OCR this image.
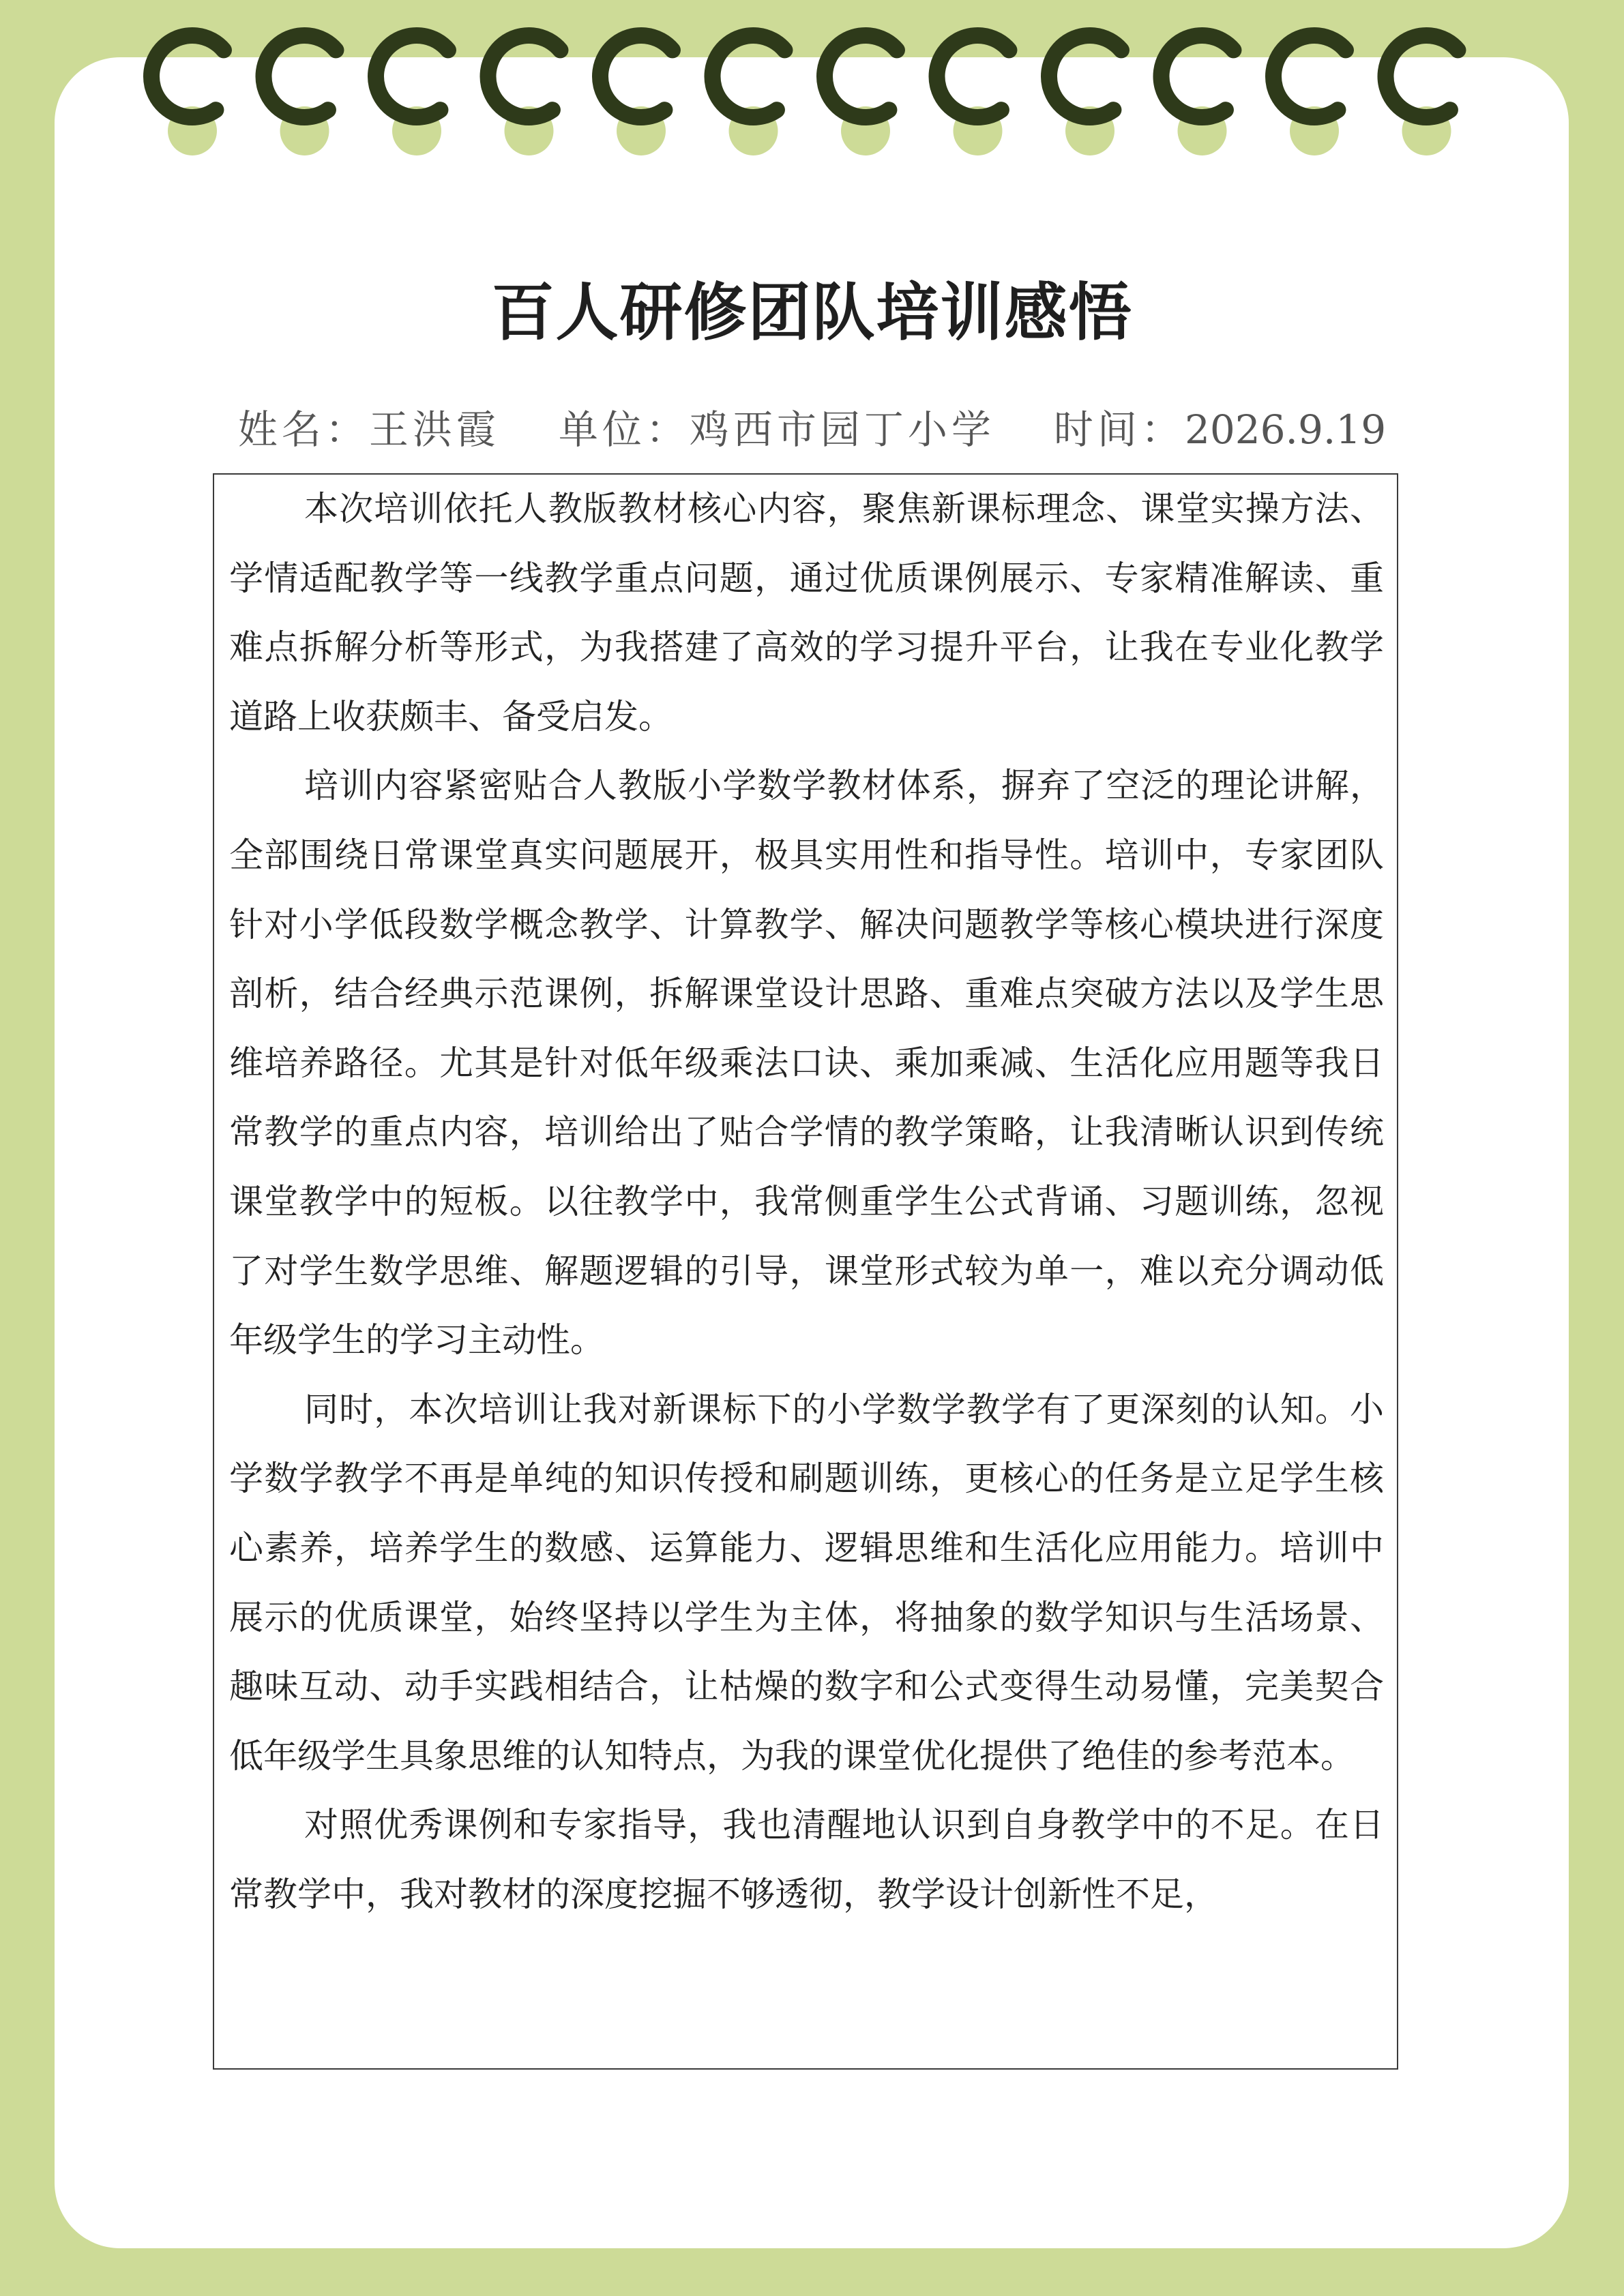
百人研修团队培训感悟
姓名：王洪霞 单位：鸡西市园丁小学 时间：2026.9.19

本次培训依托人教版教材核心内容，聚焦新课标理念、课堂实操方法、学情适配教学等一线教学重点问题，通过优质课例展示、专家精准解读、重难点拆解分析等形式，为我搭建了高效的学习提升平台，让我在专业化教学道路上收获颇丰、备受启发。

培训内容紧密贴合人教版小学数学教材体系，摒弃了空泛的理论讲解，全部围绕日常课堂真实问题展开，极具实用性和指导性。培训中，专家团队针对小学低段数学概念教学、计算教学、解决问题教学等核心模块进行深度剖析，结合经典示范课例，拆解课堂设计思路、重难点突破方法以及学生思维培养路径。尤其是针对低年级乘法口诀、乘加乘减、生活化应用题等我日常教学的重点内容，培训给出了贴合学情的教学策略，让我清晰认识到传统课堂教学中的短板。以往教学中，我常侧重学生公式背诵、习题训练，忽视了对学生数学思维、解题逻辑的引导，课堂形式较为单一，难以充分调动低年级学生的学习主动性。

同时，本次培训让我对新课标下的小学数学教学有了更深刻的认知。小学数学教学不再是单纯的知识传授和刷题训练，更核心的任务是立足学生核心素养，培养学生的数感、运算能力、逻辑思维和生活化应用能力。培训中展示的优质课堂，始终坚持以学生为主体，将抽象的数学知识与生活场景、趣味互动、动手实践相结合，让枯燥的数字和公式变得生动易懂，完美契合低年级学生具象思维的认知特点，为我的课堂优化提供了绝佳的参考范本。

对照优秀课例和专家指导，我也清醒地认识到自身教学中的不足。在日常教学中，我对教材的深度挖掘不够透彻，教学设计创新性不足，
